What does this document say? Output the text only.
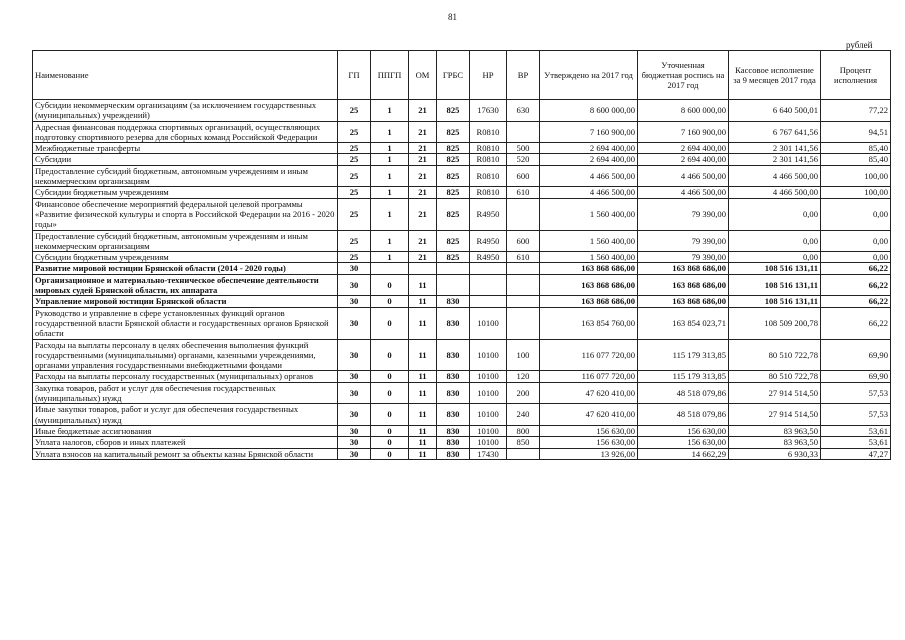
81
рублей
Наименование	ГП	ППГП	ОМ	ГРБС	НР	ВР	Утверждено на 2017 год	Уточненная бюджетная роспись на 2017 год	Кассовое исполнение за 9 месяцев 2017 года	Процент исполнения
Субсидии некоммерческим организациям (за исключением государственных (муниципальных) учреждений)	25	1	21	825	17630	630	8 600 000,00	8 600 000,00	6 640 500,01	77,22
Адресная финансовая поддержка спортивных организаций, осуществляющих подготовку спортивного резерва для сборных команд Российской Федерации	25	1	21	825	R0810		7 160 900,00	7 160 900,00	6 767 641,56	94,51
Межбюджетные трансферты	25	1	21	825	R0810	500	2 694 400,00	2 694 400,00	2 301 141,56	85,40
Субсидии	25	1	21	825	R0810	520	2 694 400,00	2 694 400,00	2 301 141,56	85,40
Предоставление субсидий бюджетным, автономным учреждениям и иным некоммерческим организациям	25	1	21	825	R0810	600	4 466 500,00	4 466 500,00	4 466 500,00	100,00
Субсидии бюджетным учреждениям	25	1	21	825	R0810	610	4 466 500,00	4 466 500,00	4 466 500,00	100,00
Финансовое обеспечение мероприятий федеральной целевой программы «Развитие физической культуры и спорта в Российской Федерации на 2016 - 2020 годы»	25	1	21	825	R4950		1 560 400,00	79 390,00	0,00	0,00
Предоставление субсидий бюджетным, автономным учреждениям и иным некоммерческим организациям	25	1	21	825	R4950	600	1 560 400,00	79 390,00	0,00	0,00
Субсидии бюджетным учреждениям	25	1	21	825	R4950	610	1 560 400,00	79 390,00	0,00	0,00
Развитие мировой юстиции Брянской области (2014 - 2020 годы)	30						163 868 686,00	163 868 686,00	108 516 131,11	66,22
Организационное и материально-техническое обеспечение деятельности мировых судей Брянской области, их аппарата	30	0	11				163 868 686,00	163 868 686,00	108 516 131,11	66,22
Управление мировой юстиции Брянской области	30	0	11	830			163 868 686,00	163 868 686,00	108 516 131,11	66,22
Руководство и управление в сфере установленных функций органов государственной власти Брянской области и государственных органов Брянской области	30	0	11	830	10100		163 854 760,00	163 854 023,71	108 509 200,78	66,22
Расходы на выплаты персоналу в целях обеспечения выполнения функций государственными (муниципальными) органами, казенными учреждениями, органами управления государственными внебюджетными фондами	30	0	11	830	10100	100	116 077 720,00	115 179 313,85	80 510 722,78	69,90
Расходы на выплаты персоналу государственных (муниципальных) органов	30	0	11	830	10100	120	116 077 720,00	115 179 313,85	80 510 722,78	69,90
Закупка товаров, работ и услуг для обеспечения государственных (муниципальных) нужд	30	0	11	830	10100	200	47 620 410,00	48 518 079,86	27 914 514,50	57,53
Иные закупки товаров, работ и услуг для обеспечения государственных (муниципальных) нужд	30	0	11	830	10100	240	47 620 410,00	48 518 079,86	27 914 514,50	57,53
Иные бюджетные ассигнования	30	0	11	830	10100	800	156 630,00	156 630,00	83 963,50	53,61
Уплата налогов, сборов и иных платежей	30	0	11	830	10100	850	156 630,00	156 630,00	83 963,50	53,61
Уплата взносов на капитальный ремонт за объекты казны Брянской области	30	0	11	830	17430		13 926,00	14 662,29	6 930,33	47,27
